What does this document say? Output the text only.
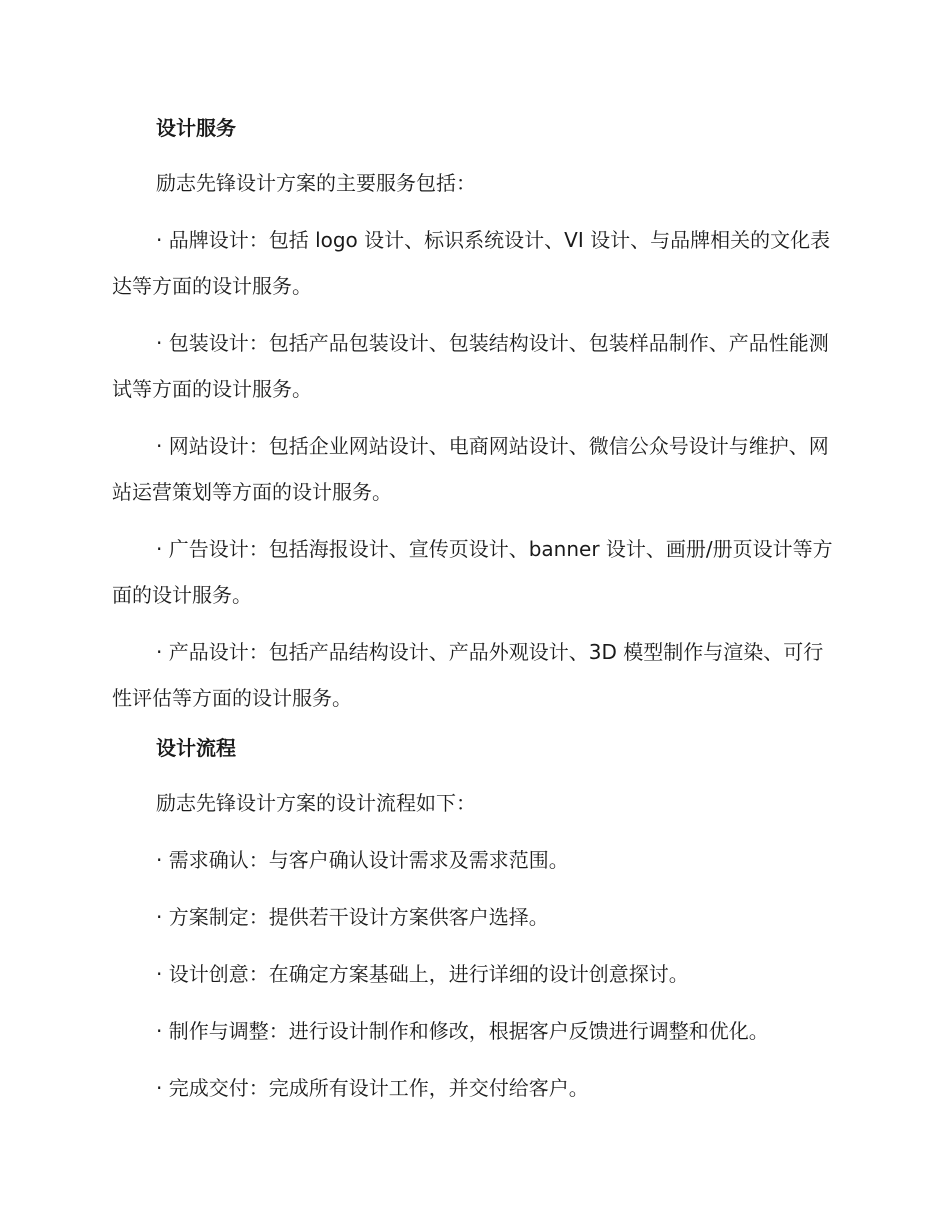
设计服务
励志先锋设计方案的主要服务包括：
· 品牌设计：包括 logo 设计、标识系统设计、VI 设计、与品牌相关的文化表达等方面的设计服务。
· 包装设计：包括产品包装设计、包装结构设计、包装样品制作、产品性能测试等方面的设计服务。
· 网站设计：包括企业网站设计、电商网站设计、微信公众号设计与维护、网站运营策划等方面的设计服务。
· 广告设计：包括海报设计、宣传页设计、banner 设计、画册/册页设计等方面的设计服务。
· 产品设计：包括产品结构设计、产品外观设计、3D 模型制作与渲染、可行性评估等方面的设计服务。
设计流程
励志先锋设计方案的设计流程如下：
· 需求确认：与客户确认设计需求及需求范围。
· 方案制定：提供若干设计方案供客户选择。
· 设计创意：在确定方案基础上，进行详细的设计创意探讨。
· 制作与调整：进行设计制作和修改，根据客户反馈进行调整和优化。
· 完成交付：完成所有设计工作，并交付给客户。
